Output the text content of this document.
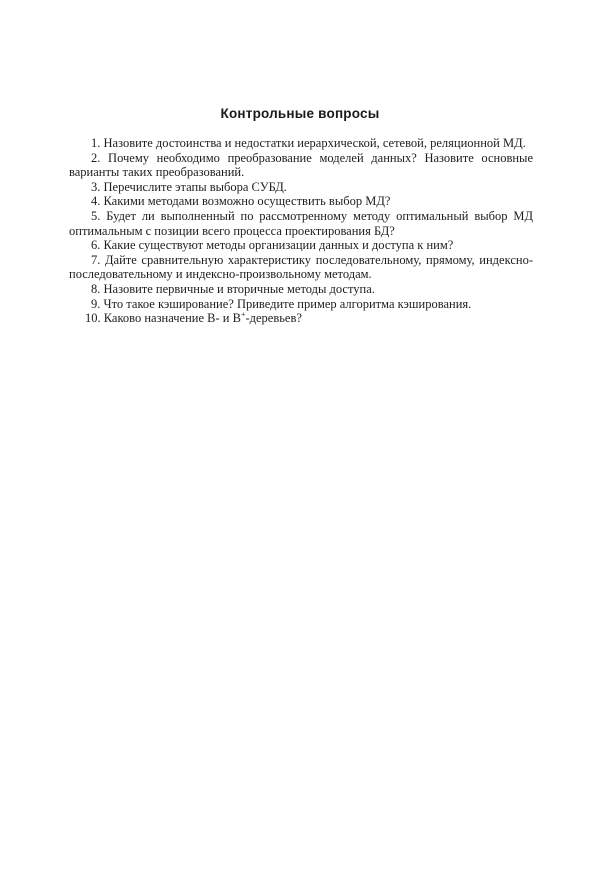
Контрольные вопросы

1. Назовите достоинства и недостатки иерархической, сетевой, реляционной МД.

2. Почему необходимо преобразование моделей данных? Назовите основные варианты таких преобразований.

3. Перечислите этапы выбора СУБД.

4. Какими методами возможно осуществить выбор МД?

5. Будет ли выполненный по рассмотренному методу оптимальный выбор МД оптимальным с позиции всего процесса проектирования БД?

6. Какие существуют методы организации данных и доступа к ним?

7. Дайте сравнительную характеристику последовательному, прямому, индексно-последовательному и индексно-произвольному методам.

8. Назовите первичные и вторичные методы доступа.

9. Что такое кэширование? Приведите пример алгоритма кэширования.

10. Каково назначение В- и В+-деревьев?
